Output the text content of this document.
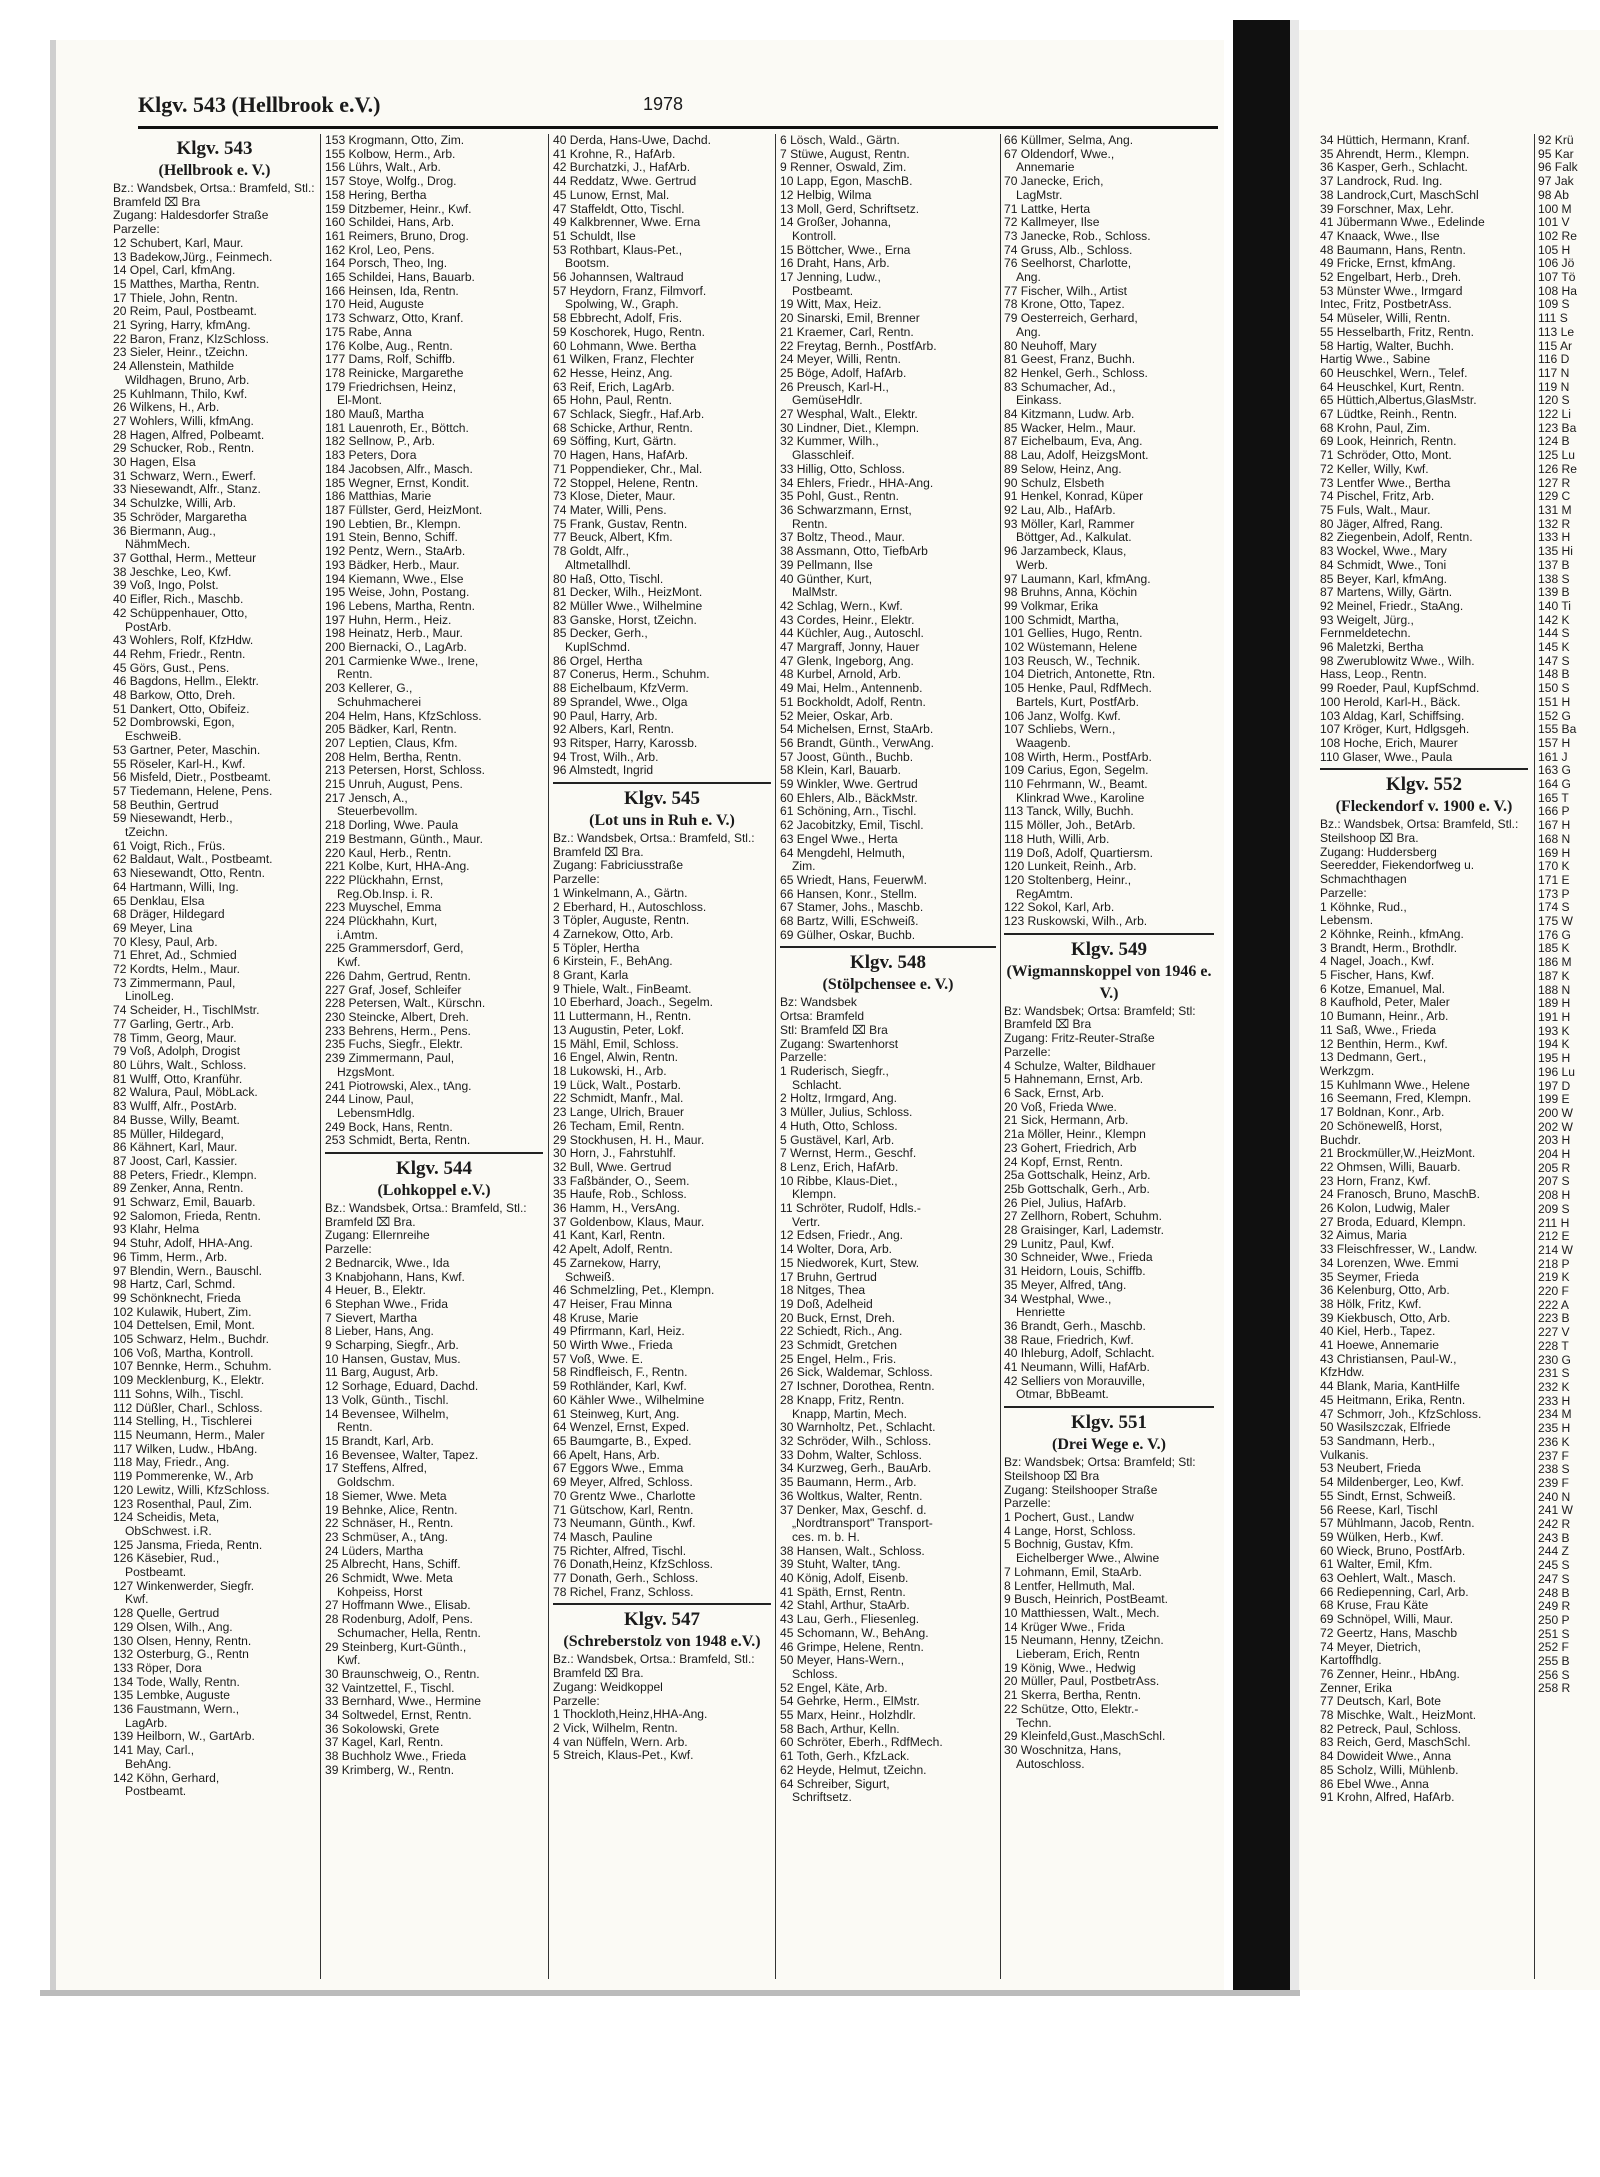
Klgv. 543 (Hellbrook e.V.)	1978
Klgv. 543
(Hellbrook e. V.)
Bz.: Wandsbek, Ortsa.: Bramfeld, Stl.: Bramfeld ⌧ Bra
Zugang: Haldesdorfer Straße
Parzelle:
12 Schubert, Karl, Maur.
13 Badekow,Jürg., Feinmech.
14 Opel, Carl, kfmAng.
15 Matthes, Martha, Rentn.
17 Thiele, John, Rentn.
20 Reim, Paul, Postbeamt.
21 Syring, Harry, kfmAng.
22 Baron, Franz, KlzSchloss.
23 Sieler, Heinr., tZeichn.
24 Allenstein, Mathilde
Wildhagen, Bruno, Arb.
25 Kuhlmann, Thilo, Kwf.
26 Wilkens, H., Arb.
27 Wohlers, Willi, kfmAng.
28 Hagen, Alfred, Polbeamt.
29 Schucker, Rob., Rentn.
30 Hagen, Elsa
31 Schwarz, Wern., Ewerf.
33 Niesewandt, Alfr., Stanz.
34 Schulzke, Willi, Arb.
35 Schröder, Margaretha
36 Biermann, Aug.,
NähmMech.
37 Gotthal, Herm., Metteur
38 Jeschke, Leo, Kwf.
39 Voß, Ingo, Polst.
40 Eifler, Rich., Maschb.
42 Schüppenhauer, Otto,
PostArb.
43 Wohlers, Rolf, KfzHdw.
44 Rehm, Friedr., Rentn.
45 Görs, Gust., Pens.
46 Bagdons, Hellm., Elektr.
48 Barkow, Otto, Dreh.
51 Dankert, Otto, Obifeiz.
52 Dombrowski, Egon,
EschweiB.
53 Gartner, Peter, Maschin.
55 Röseler, Karl-H., Kwf.
56 Misfeld, Dietr., Postbeamt.
57 Tiedemann, Helene, Pens.
58 Beuthin, Gertrud
59 Niesewandt, Herb.,
tZeichn.
61 Voigt, Rich., Früs.
62 Baldaut, Walt., Postbeamt.
63 Niesewandt, Otto, Rentn.
64 Hartmann, Willi, Ing.
65 Denklau, Elsa
68 Dräger, Hildegard
69 Meyer, Lina
70 Klesy, Paul, Arb.
71 Ehret, Ad., Schmied
72 Kordts, Helm., Maur.
73 Zimmermann, Paul,
LinolLeg.
74 Scheider, H., TischlMstr.
77 Garling, Gertr., Arb.
78 Timm, Georg, Maur.
79 Voß, Adolph, Drogist
80 Lührs, Walt., Schloss.
81 Wulff, Otto, Kranführ.
82 Walura, Paul, MöbLack.
83 Wulff, Alfr., PostArb.
84 Busse, Willy, Beamt.
85 Müller, Hildegard,
86 Kähnert, Karl, Maur.
87 Joost, Carl, Kassier.
88 Peters, Friedr., Klempn.
89 Zenker, Anna, Rentn.
91 Schwarz, Emil, Bauarb.
92 Salomon, Frieda, Rentn.
93 Klahr, Helma
94 Stuhr, Adolf, HHA-Ang.
96 Timm, Herm., Arb.
97 Blendin, Wern., Bauschl.
98 Hartz, Carl, Schmd.
99 Schönknecht, Frieda
102 Kulawik, Hubert, Zim.
104 Dettelsen, Emil, Mont.
105 Schwarz, Helm., Buchdr.
106 Voß, Martha, Kontroll.
107 Bennke, Herm., Schuhm.
109 Mecklenburg, K., Elektr.
111 Sohns, Wilh., Tischl.
112 Düßler, Charl., Schloss.
114 Stelling, H., Tischlerei
115 Neumann, Herm., Maler
117 Wilken, Ludw., HbAng.
118 May, Friedr., Ang.
119 Pommerenke, W., Arb
120 Lewitz, Willi, KfzSchloss.
123 Rosenthal, Paul, Zim.
124 Scheidis, Meta,
ObSchwest. i.R.
125 Jansma, Frieda, Rentn.
126 Käsebier, Rud.,
Postbeamt.
127 Winkenwerder, Siegfr.
Kwf.
128 Quelle, Gertrud
129 Olsen, Wilh., Ang.
130 Olsen, Henny, Rentn.
132 Osterburg, G., Rentn
133 Röper, Dora
134 Tode, Wally, Rentn.
135 Lembke, Auguste
136 Faustmann, Wern.,
LagArb.
139 Heilborn, W., GartArb.
141 May, Carl.,
BehAng.
142 Köhn, Gerhard,
Postbeamt.
153 Krogmann, Otto, Zim.
155 Kolbow, Herm., Arb.
156 Lührs, Walt., Arb.
157 Stoye, Wolfg., Drog.
158 Hering, Bertha
159 Ditzbemer, Heinr., Kwf.
160 Schildei, Hans, Arb.
161 Reimers, Bruno, Drog.
162 Krol, Leo, Pens.
164 Porsch, Theo, Ing.
165 Schildei, Hans, Bauarb.
166 Heinsen, Ida, Rentn.
170 Heid, Auguste
173 Schwarz, Otto, Kranf.
175 Rabe, Anna
176 Kolbe, Aug., Rentn.
177 Dams, Rolf, Schiffb.
178 Reinicke, Margarethe
179 Friedrichsen, Heinz,
El-Mont.
180 Mauß, Martha
181 Lauenroth, Er., Böttch.
182 Sellnow, P., Arb.
183 Peters, Dora
184 Jacobsen, Alfr., Masch.
185 Wegner, Ernst, Kondit.
186 Matthias, Marie
187 Füllster, Gerd, HeizMont.
190 Lebtien, Br., Klempn.
191 Stein, Benno, Schiff.
192 Pentz, Wern., StaArb.
193 Bädker, Herb., Maur.
194 Kiemann, Wwe., Else
195 Weise, John, Postang.
196 Lebens, Martha, Rentn.
197 Huhn, Herm., Heiz.
198 Heinatz, Herb., Maur.
200 Biernacki, O., LagArb.
201 Carmienke Wwe., Irene,
Rentn.
203 Kellerer, G.,
Schuhmacherei
204 Helm, Hans, KfzSchloss.
205 Bädker, Karl, Rentn.
207 Leptien, Claus, Kfm.
208 Helm, Bertha, Rentn.
213 Petersen, Horst, Schloss.
215 Unruh, August, Pens.
217 Jensch, A.,
Steuerbevollm.
218 Dorling, Wwe. Paula
219 Bestmann, Günth., Maur.
220 Kaul, Herb., Rentn.
221 Kolbe, Kurt, HHA-Ang.
222 Plückhahn, Ernst,
Reg.Ob.Insp. i. R.
223 Muyschel, Emma
224 Plückhahn, Kurt,
i.Amtm.
225 Grammersdorf, Gerd,
Kwf.
226 Dahm, Gertrud, Rentn.
227 Graf, Josef, Schleifer
228 Petersen, Walt., Kürschn.
230 Steincke, Albert, Dreh.
233 Behrens, Herm., Pens.
235 Fuchs, Siegfr., Elektr.
239 Zimmermann, Paul,
HzgsMont.
241 Piotrowski, Alex., tAng.
244 Linow, Paul,
LebensmHdlg.
249 Bock, Hans, Rentn.
253 Schmidt, Berta, Rentn.
Klgv. 544
(Lohkoppel e.V.)
Bz.: Wandsbek, Ortsa.: Bramfeld, Stl.: Bramfeld ⌧ Bra.
Zugang: Ellernreihe
Parzelle:
2 Bednarcik, Wwe., Ida
3 Knabjohann, Hans, Kwf.
4 Heuer, B., Elektr.
6 Stephan Wwe., Frida
7 Sievert, Martha
8 Lieber, Hans, Ang.
9 Scharping, Siegfr., Arb.
10 Hansen, Gustav, Mus.
11 Barg, August, Arb.
12 Sorhage, Eduard, Dachd.
13 Volk, Günth., Tischl.
14 Bevensee, Wilhelm,
Rentn.
15 Brandt, Karl, Arb.
16 Bevensee, Walter, Tapez.
17 Steffens, Alfred,
Goldschm.
18 Siemer, Wwe. Meta
19 Behnke, Alice, Rentn.
22 Schnäser, H., Rentn.
23 Schmüser, A., tAng.
24 Lüders, Martha
25 Albrecht, Hans, Schiff.
26 Schmidt, Wwe. Meta
Kohpeiss, Horst
27 Hoffmann Wwe., Elisab.
28 Rodenburg, Adolf, Pens.
Schumacher, Hella, Rentn.
29 Steinberg, Kurt-Günth.,
Kwf.
30 Braunschweig, O., Rentn.
32 Vaintzettel, F., Tischl.
33 Bernhard, Wwe., Hermine
34 Soltwedel, Ernst, Rentn.
36 Sokolowski, Grete
37 Kagel, Karl, Rentn.
38 Buchholz Wwe., Frieda
39 Krimberg, W., Rentn.
40 Derda, Hans-Uwe, Dachd.
41 Krohne, R., HafArb.
42 Burchatzki, J., HafArb.
44 Reddatz, Wwe. Gertrud
45 Lunow, Ernst, Mal.
47 Staffeldt, Otto, Tischl.
49 Kalkbrenner, Wwe. Erna
51 Schuldt, Ilse
53 Rothbart, Klaus-Pet.,
Bootsm.
56 Johannsen, Waltraud
57 Heydorn, Franz, Filmvorf.
Spolwing, W., Graph.
58 Ebbrecht, Adolf, Fris.
59 Koschorek, Hugo, Rentn.
60 Lohmann, Wwe. Bertha
61 Wilken, Franz, Flechter
62 Hesse, Heinz, Ang.
63 Reif, Erich, LagArb.
65 Hohn, Paul, Rentn.
67 Schlack, Siegfr., Haf.Arb.
68 Schicke, Arthur, Rentn.
69 Söffing, Kurt, Gärtn.
70 Hagen, Hans, HafArb.
71 Poppendieker, Chr., Mal.
72 Stoppel, Helene, Rentn.
73 Klose, Dieter, Maur.
74 Mater, Willi, Pens.
75 Frank, Gustav, Rentn.
77 Beuck, Albert, Kfm.
78 Goldt, Alfr.,
Altmetallhdl.
80 Haß, Otto, Tischl.
81 Decker, Wilh., HeizMont.
82 Müller Wwe., Wilhelmine
83 Ganske, Horst, tZeichn.
85 Decker, Gerh.,
KuplSchmd.
86 Orgel, Hertha
87 Conerus, Herm., Schuhm.
88 Eichelbaum, KfzVerm.
89 Sprandel, Wwe., Olga
90 Paul, Harry, Arb.
92 Albers, Karl, Rentn.
93 Ritsper, Harry, Karossb.
94 Trost, Wilh., Arb.
96 Almstedt, Ingrid
Klgv. 545
(Lot uns in Ruh e. V.)
Bz.: Wandsbek, Ortsa.: Bramfeld, Stl.: Bramfeld ⌧ Bra.
Zugang: Fabriciusstraße
Parzelle:
1 Winkelmann, A., Gärtn.
2 Eberhard, H., Autoschloss.
3 Töpler, Auguste, Rentn.
4 Zarnekow, Otto, Arb.
5 Töpler, Hertha
6 Kirstein, F., BehAng.
8 Grant, Karla
9 Thiele, Walt., FinBeamt.
10 Eberhard, Joach., Segelm.
11 Luttermann, H., Rentn.
13 Augustin, Peter, Lokf.
15 Mähl, Emil, Schloss.
16 Engel, Alwin, Rentn.
18 Lukowski, H., Arb.
19 Lück, Walt., Postarb.
22 Schmidt, Manfr., Mal.
23 Lange, Ulrich, Brauer
26 Techam, Emil, Rentn.
29 Stockhusen, H. H., Maur.
30 Horn, J., Fahrstuhlf.
32 Bull, Wwe. Gertrud
33 Faßbänder, O., Seem.
35 Haufe, Rob., Schloss.
36 Hamm, H., VersAng.
37 Goldenbow, Klaus, Maur.
41 Kant, Karl, Rentn.
42 Apelt, Adolf, Rentn.
45 Zarnekow, Harry,
Schweiß.
46 Schmelzling, Pet., Klempn.
47 Heiser, Frau Minna
48 Kruse, Marie
49 Pfirrmann, Karl, Heiz.
50 Wirth Wwe., Frieda
57 Voß, Wwe. E.
58 Rindfleisch, F., Rentn.
59 Rothländer, Karl, Kwf.
60 Kähler Wwe., Wilhelmine
61 Steinweg, Kurt, Ang.
64 Wenzel, Ernst, Exped.
65 Baumgarte, B., Exped.
66 Apelt, Hans, Arb.
67 Eggors Wwe., Emma
69 Meyer, Alfred, Schloss.
70 Grentz Wwe., Charlotte
71 Gütschow, Karl, Rentn.
73 Neumann, Günth., Kwf.
74 Masch, Pauline
75 Richter, Alfred, Tischl.
76 Donath,Heinz, KfzSchloss.
77 Donath, Gerh., Schloss.
78 Richel, Franz, Schloss.
Klgv. 547
(Schreberstolz von 1948 e.V.)
Bz.: Wandsbek, Ortsa.: Bramfeld, Stl.: Bramfeld ⌧ Bra.
Zugang: Weidkoppel
Parzelle:
1 Thockloth,Heinz,HHA-Ang.
2 Vick, Wilhelm, Rentn.
4 van Nüffeln, Wern. Arb.
5 Streich, Klaus-Pet., Kwf.
6 Lösch, Wald., Gärtn.
7 Stüwe, August, Rentn.
9 Renner, Oswald, Zim.
10 Lapp, Egon, MaschB.
12 Helbig, Wilma
13 Moll, Gerd, Schriftsetz.
14 Großer, Johanna,
Kontroll.
15 Böttcher, Wwe., Erna
16 Draht, Hans, Arb.
17 Jenning, Ludw.,
Postbeamt.
19 Witt, Max, Heiz.
20 Sinarski, Emil, Brenner
21 Kraemer, Carl, Rentn.
22 Freytag, Bernh., PostfArb.
24 Meyer, Willi, Rentn.
25 Böge, Adolf, HafArb.
26 Preusch, Karl-H.,
GemüseHdlr.
27 Wesphal, Walt., Elektr.
30 Lindner, Diet., Klempn.
32 Kummer, Wilh.,
Glasschleif.
33 Hillig, Otto, Schloss.
34 Ehlers, Friedr., HHA-Ang.
35 Pohl, Gust., Rentn.
36 Schwarzmann, Ernst,
Rentn.
37 Boltz, Theod., Maur.
38 Assmann, Otto, TiefbArb
39 Pellmann, Ilse
40 Günther, Kurt,
MalMstr.
42 Schlag, Wern., Kwf.
43 Cordes, Heinr., Elektr.
44 Küchler, Aug., Autoschl.
47 Margraff, Jonny, Hauer
47 Glenk, Ingeborg, Ang.
48 Kurbel, Arnold, Arb.
49 Mai, Helm., Antennenb.
51 Bockholdt, Adolf, Rentn.
52 Meier, Oskar, Arb.
54 Michelsen, Ernst, StaArb.
56 Brandt, Günth., VerwAng.
57 Joost, Günth., Buchb.
58 Klein, Karl, Bauarb.
59 Winkler, Wwe. Gertrud
60 Ehlers, Alb., BäckMstr.
61 Schöning, Arn., Tischl.
62 Jacobitzky, Emil, Tischl.
63 Engel Wwe., Herta
64 Mengdehl, Helmuth,
Zim.
65 Wriedt, Hans, FeuerwM.
66 Hansen, Konr., Stellm.
67 Stamer, Johs., Maschb.
68 Bartz, Willi, ESchweiß.
69 Gülher, Oskar, Buchb.
Klgv. 548
(Stölpchensee e. V.)
Bz: Wandsbek
Ortsa: Bramfeld
Stl: Bramfeld ⌧ Bra
Zugang: Swartenhorst
Parzelle:
1 Ruderisch, Siegfr.,
Schlacht.
2 Holtz, Irmgard, Ang.
3 Müller, Julius, Schloss.
4 Huth, Otto, Schloss.
5 Gustävel, Karl, Arb.
7 Wernst, Herm., Geschf.
8 Lenz, Erich, HafArb.
10 Ribbe, Klaus-Diet.,
Klempn.
11 Schröter, Rudolf, Hdls.-
Vertr.
12 Edsen, Friedr., Ang.
14 Wolter, Dora, Arb.
15 Niedworek, Kurt, Stew.
17 Bruhn, Gertrud
18 Nitges, Thea
19 Doß, Adelheid
20 Buck, Ernst, Dreh.
22 Schiedt, Rich., Ang.
23 Schmidt, Gretchen
25 Engel, Helm., Fris.
26 Sick, Waldemar, Schloss.
27 Ischner, Dorothea, Rentn.
28 Knapp, Fritz, Rentn.
Knapp, Martin, Mech.
30 Warnholtz, Pet., Schlacht.
32 Schröder, Wilh., Schloss.
33 Dohm, Walter, Schloss.
34 Kurzweg, Gerh., BauArb.
35 Baumann, Herm., Arb.
36 Woltkus, Walter, Rentn.
37 Denker, Max, Geschf. d.
„Nordtransport" Transport-
ces. m. b. H.
38 Hansen, Walt., Schloss.
39 Stuht, Walter, tAng.
40 König, Adolf, Eisenb.
41 Späth, Ernst, Rentn.
42 Stahl, Arthur, StaArb.
43 Lau, Gerh., Fliesenleg.
45 Schomann, W., BehAng.
46 Grimpe, Helene, Rentn.
50 Meyer, Hans-Wern.,
Schloss.
52 Engel, Käte, Arb.
54 Gehrke, Herm., ElMstr.
55 Marx, Heinr., Holzhdlr.
58 Bach, Arthur, Kelln.
60 Schröter, Eberh., RdfMech.
61 Toth, Gerh., KfzLack.
62 Heyde, Helmut, tZeichn.
64 Schreiber, Sigurt,
Schriftsetz.
66 Küllmer, Selma, Ang.
67 Oldendorf, Wwe.,
Annemarie
70 Janecke, Erich,
LagMstr.
71 Lattke, Herta
72 Kallmeyer, Ilse
73 Janecke, Rob., Schloss.
74 Gruss, Alb., Schloss.
76 Seelhorst, Charlotte,
Ang.
77 Fischer, Wilh., Artist
78 Krone, Otto, Tapez.
79 Oesterreich, Gerhard,
Ang.
80 Neuhoff, Mary
81 Geest, Franz, Buchh.
82 Henkel, Gerh., Schloss.
83 Schumacher, Ad.,
Einkass.
84 Kitzmann, Ludw. Arb.
85 Wacker, Helm., Maur.
87 Eichelbaum, Eva, Ang.
88 Lau, Adolf, HeizgsMont.
89 Selow, Heinz, Ang.
90 Schulz, Elsbeth
91 Henkel, Konrad, Küper
92 Lau, Alb., HafArb.
93 Möller, Karl, Rammer
Böttger, Ad., Kalkulat.
96 Jarzambeck, Klaus,
Werb.
97 Laumann, Karl, kfmAng.
98 Bruhns, Anna, Köchin
99 Volkmar, Erika
100 Schmidt, Martha,
101 Gellies, Hugo, Rentn.
102 Wüstemann, Helene
103 Reusch, W., Technik.
104 Dietrich, Antonette, Rtn.
105 Henke, Paul, RdfMech.
Bartels, Kurt, PostfArb.
106 Janz, Wolfg. Kwf.
107 Schliebs, Wern.,
Waagenb.
108 Wirth, Herm., PostfArb.
109 Carius, Egon, Segelm.
110 Fehrmann, W., Beamt.
Klinkrad Wwe., Karoline
113 Tanck, Willy, Buchh.
115 Möller, Joh., BetArb.
118 Huth, Willi, Arb.
119 Doß, Adolf, Quartiersm.
120 Lunkeit, Reinh., Arb.
120 Stoltenberg, Heinr.,
RegAmtm.
122 Sokol, Karl, Arb.
123 Ruskowski, Wilh., Arb.
Klgv. 549
(Wigmannskoppel von 1946 e. V.)
Bz: Wandsbek; Ortsa: Bramfeld; Stl: Bramfeld ⌧ Bra
Zugang: Fritz-Reuter-Straße
Parzelle:
4 Schulze, Walter, Bildhauer
5 Hahnemann, Ernst, Arb.
6 Sack, Ernst, Arb.
20 Voß, Frieda Wwe.
21 Sick, Hermann, Arb.
21a Möller, Heinr., Klempn
23 Gohert, Friedrich, Arb
24 Kopf, Ernst, Rentn.
25a Gottschalk, Heinz, Arb.
25b Gottschalk, Gerh., Arb.
26 Piel, Julius, HafArb.
27 Zellhorn, Robert, Schuhm.
28 Graisinger, Karl, Lademstr.
29 Lunitz, Paul, Kwf.
30 Schneider, Wwe., Frieda
31 Heidorn, Louis, Schiffb.
35 Meyer, Alfred, tAng.
34 Westphal, Wwe.,
Henriette
36 Brandt, Gerh., Maschb.
38 Raue, Friedrich, Kwf.
40 Ihleburg, Adolf, Schlacht.
41 Neumann, Willi, HafArb.
42 Selliers von Morauville,
Otmar, BbBeamt.
Klgv. 551
(Drei Wege e. V.)
Bz: Wandsbek; Ortsa: Bramfeld; Stl: Steilshoop ⌧ Bra
Zugang: Steilshooper Straße
Parzelle:
1 Pochert, Gust., Landw
4 Lange, Horst, Schloss.
5 Bochnig, Gustav, Kfm.
Eichelberger Wwe., Alwine
7 Lohmann, Emil, StaArb.
8 Lentfer, Hellmuth, Mal.
9 Busch, Heinrich, PostBeamt.
10 Matthiessen, Walt., Mech.
14 Krüger Wwe., Frida
15 Neumann, Henny, tZeichn.
Lieberam, Erich, Rentn
19 König, Wwe., Hedwig
20 Müller, Paul, PostbetrAss.
21 Skerra, Bertha, Rentn.
22 Schütze, Otto, Elektr.-
Techn.
29 Kleinfeld,Gust.,MaschSchl.
30 Woschnitza, Hans,
Autoschloss.
34 Hüttich, Hermann, Kranf.
35 Ahrendt, Herm., Klempn.
36 Kasper, Gerh., Schlacht.
37 Landrock, Rud. Ing.
38 Landrock,Curt, MaschSchl
39 Forschner, Max, Lehr.
41 Jübermann Wwe., Edelinde
47 Knaack, Wwe., Ilse
48 Baumann, Hans, Rentn.
49 Fricke, Ernst, kfmAng.
52 Engelbart, Herb., Dreh.
53 Münster Wwe., Irmgard
Intec, Fritz, PostbetrAss.
54 Müseler, Willi, Rentn.
55 Hesselbarth, Fritz, Rentn.
58 Hartig, Walter, Buchh.
Hartig Wwe., Sabine
60 Heuschkel, Wern., Telef.
64 Heuschkel, Kurt, Rentn.
65 Hüttich,Albertus,GlasMstr.
67 Lüdtke, Reinh., Rentn.
68 Krohn, Paul, Zim.
69 Look, Heinrich, Rentn.
71 Schröder, Otto, Mont.
72 Keller, Willy, Kwf.
73 Lentfer Wwe., Bertha
74 Pischel, Fritz, Arb.
75 Fuls, Walt., Maur.
80 Jäger, Alfred, Rang.
82 Ziegenbein, Adolf, Rentn.
83 Wockel, Wwe., Mary
84 Schmidt, Wwe., Toni
85 Beyer, Karl, kfmAng.
87 Martens, Willy, Gärtn.
92 Meinel, Friedr., StaAng.
93 Weigelt, Jürg.,
Fernmeldetechn.
96 Maletzki, Bertha
98 Zwerublowitz Wwe., Wilh.
Hass, Leop., Rentn.
99 Roeder, Paul, KupfSchmd.
100 Herold, Karl-H., Bäck.
103 Aldag, Karl, Schiffsing.
107 Kröger, Kurt, Hdlgsgeh.
108 Hoche, Erich, Maurer
110 Glaser, Wwe., Paula
Klgv. 552
(Fleckendorf v. 1900 e. V.)
Bz.: Wandsbek, Ortsa: Bramfeld, Stl.: Steilshoop ⌧ Bra.
Zugang: Huddersberg
Seeredder, Fiekendorfweg u. Schmachthagen
Parzelle:
1 Köhnke, Rud.,
Lebensm.
2 Köhnke, Reinh., kfmAng.
3 Brandt, Herm., Brothdlr.
4 Nagel, Joach., Kwf.
5 Fischer, Hans, Kwf.
6 Kotze, Emanuel, Mal.
8 Kaufhold, Peter, Maler
10 Bumann, Heinr., Arb.
11 Saß, Wwe., Frieda
12 Benthin, Herm., Kwf.
13 Dedmann, Gert.,
Werkzgm.
15 Kuhlmann Wwe., Helene
16 Seemann, Fred, Klempn.
17 Boldnan, Konr., Arb.
20 Schönewelß, Horst,
Buchdr.
21 Brockmüller,W.,HeizMont.
22 Ohmsen, Willi, Bauarb.
23 Horn, Franz, Kwf.
24 Franosch, Bruno, MaschB.
26 Kolon, Ludwig, Maler
27 Broda, Eduard, Klempn.
32 Aimus, Maria
33 Fleischfresser, W., Landw.
34 Lorenzen, Wwe. Emmi
35 Seymer, Frieda
36 Kelenburg, Otto, Arb.
38 Hölk, Fritz, Kwf.
39 Kiekbusch, Otto, Arb.
40 Kiel, Herb., Tapez.
41 Hoewe, Annemarie
43 Christiansen, Paul-W.,
KfzHdw.
44 Blank, Maria, KantHilfe
45 Heitmann, Erika, Rentn.
47 Schmorr, Joh., KfzSchloss.
50 Wasilszczak, Elfriede
53 Sandmann, Herb.,
Vulkanis.
53 Neubert, Frieda
54 Mildenberger, Leo, Kwf.
55 Sindt, Ernst, Schweiß.
56 Reese, Karl, Tischl
57 Mühlmann, Jacob, Rentn.
59 Wülken, Herb., Kwf.
60 Wieck, Bruno, PostfArb.
61 Walter, Emil, Kfm.
63 Oehlert, Walt., Masch.
66 Rediepenning, Carl, Arb.
68 Kruse, Frau Käte
69 Schnöpel, Willi, Maur.
72 Geertz, Hans, Maschb
74 Meyer, Dietrich,
Kartoffhdlg.
76 Zenner, Heinr., HbAng.
Zenner, Erika
77 Deutsch, Karl, Bote
78 Mischke, Walt., HeizMont.
82 Petreck, Paul, Schloss.
83 Reich, Gerd, MaschSchl.
84 Dowideit Wwe., Anna
85 Scholz, Willi, Mühlenb.
86 Ebel Wwe., Anna
91 Krohn, Alfred, HafArb.
92 Krü
95 Kar
96 Falk
97 Jak
98 Ab
100 M
101 V
102 Re
105 H
106 Jö
107 Tö
108 Ha
109 S
111 S
113 Le
115 Ar
116 D
117 N
119 N
120 S
122 Li
123 Ba
124 B
125 Lu
126 Re
127 R
129 C
131 M
132 R
133 H
135 Hi
137 B
138 S
139 B
140 Ti
142 K
144 S
145 K
147 S
148 B
150 S
151 H
152 G
155 Ba
157 H
161 J
163 G
164 G
165 T
166 P
167 H
168 N
169 H
170 K
171 E
173 P
174 S
175 W
176 G
185 K
186 M
187 K
188 N
189 H
191 H
193 K
194 K
195 H
196 Lu
197 D
199 E
200 W
202 W
203 H
204 H
205 R
207 S
208 H
209 S
211 H
212 E
214 W
218 P
219 K
220 F
222 A
223 B
227 V
228 T
230 G
231 S
232 K
233 H
234 M
235 H
236 K
237 F
238 S
239 F
240 N
241 W
242 R
243 B
244 Z
245 S
247 S
248 B
249 R
250 P
251 S
252 F
255 B
256 S
258 R
